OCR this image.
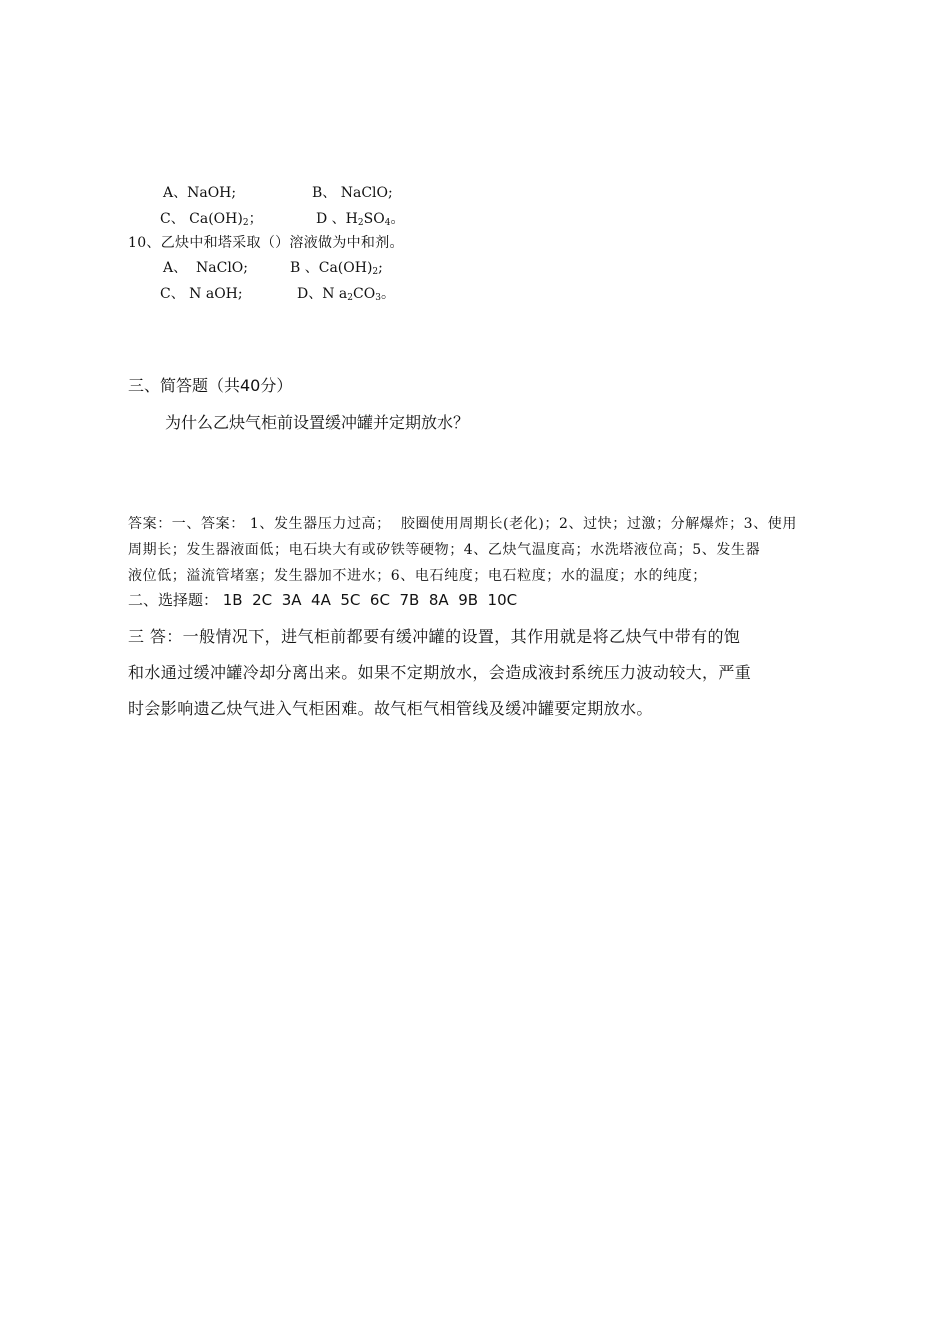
A、NaOH;	B、 NaClO;
C、 $Ca(OH)_2$；	D 、$H_2SO_4$。
10、乙炔中和塔采取（）溶液做为中和剂。
A、  NaClO;	B 、$Ca(OH)_2$;
C、 N aOH;	D、N $a_2CO_3$。
三、简答题（共40分）
为什么乙炔气柜前设置缓冲罐并定期放水？
答案：一、答案： 1、发生器压力过高；  胶圈使用周期长(老化)；2、过快；过激；分解爆炸；3、使用
周期长；发生器液面低；电石块大有或矽铁等硬物；4、乙炔气温度高；水洗塔液位高；5、发生器
液位低；溢流管堵塞；发生器加不进水；6、电石纯度；电石粒度；水的温度；水的纯度；
二、选择题： 1B  2C  3A  4A  5C  6C  7B  8A  9B  10C
三 答：一般情况下，进气柜前都要有缓冲罐的设置，其作用就是将乙炔气中带有的饱
和水通过缓冲罐冷却分离出来。如果不定期放水，会造成液封系统压力波动较大，严重
时会影响遗乙炔气进入气柜困难。故气柜气相管线及缓冲罐要定期放水。
